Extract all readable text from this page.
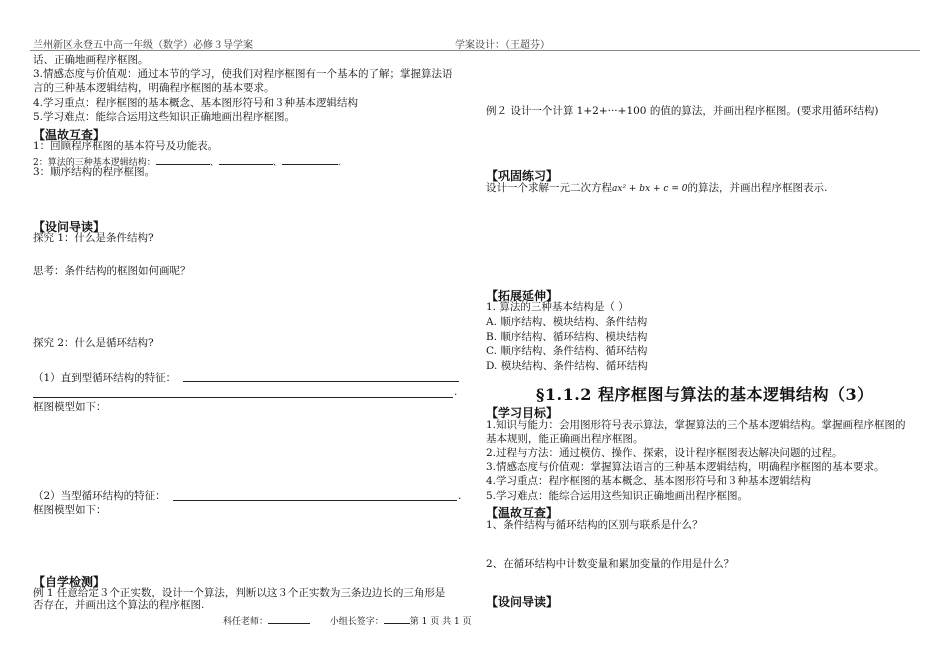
兰州新区永登五中高一年级（数学）必修３导学案	学案设计：（王超芬）
话、正确地画程序框图。
3.情感态度与价值观：通过本节的学习，使我们对程序框图有一个基本的了解；掌握算法语
言的三种基本逻辑结构，明确程序框图的基本要求。
4.学习重点：程序框图的基本概念、基本图形符号和３种基本逻辑结构
5.学习难点：能综合运用这些知识正确地画出程序框图。
【温故互查】
1：回顾程序框图的基本符号及功能表。
2：算法的三种基本逻辑结构：	、	、	.
3：顺序结构的程序框图。
【设问导读】
探究 1：什么是条件结构?
思考：条件结构的框图如何画呢？
探究 2：什么是循环结构?
（1）直到型循环结构的特征：
.
框图模型如下：
（2）当型循环结构的特征：	.
框图模型如下：
【自学检测】
例 1 任意给定３个正实数，设计一个算法，判断以这３个正实数为三条边边长的三角形是
否存在，并画出这个算法的程序框图.
例２ 设计一个计算 1+2+···+100 的值的算法，并画出程序框图。(要求用循环结构)
【巩固练习】
设计一个求解一元二次方程ax² + bx + c = 0的算法，并画出程序框图表示.
【拓展延伸】
1. 算法的三种基本结构是（ ）
A. 顺序结构、模块结构、条件结构
B. 顺序结构、循环结构、模块结构
C. 顺序结构、条件结构、循环结构
D. 模块结构、条件结构、循环结构
§1.1.2 程序框图与算法的基本逻辑结构（3）
【学习目标】
1.知识与能力：会用图形符号表示算法，掌握算法的三个基本逻辑结构。掌握画程序框图的
基本规则，能正确画出程序框图。
2.过程与方法：通过模仿、操作、探索，设计程序框图表达解决问题的过程。
3.情感态度与价值观：掌握算法语言的三种基本逻辑结构，明确程序框图的基本要求。
4.学习重点：程序框图的基本概念、基本图形符号和３种基本逻辑结构
5.学习难点：能综合运用这些知识正确地画出程序框图。
【温故互查】
1、条件结构与循环结构的区别与联系是什么？
2、在循环结构中计数变量和累加变量的作用是什么？
【设问导读】
科任老师：	小组长签字：	第 1 页 共 1 页
